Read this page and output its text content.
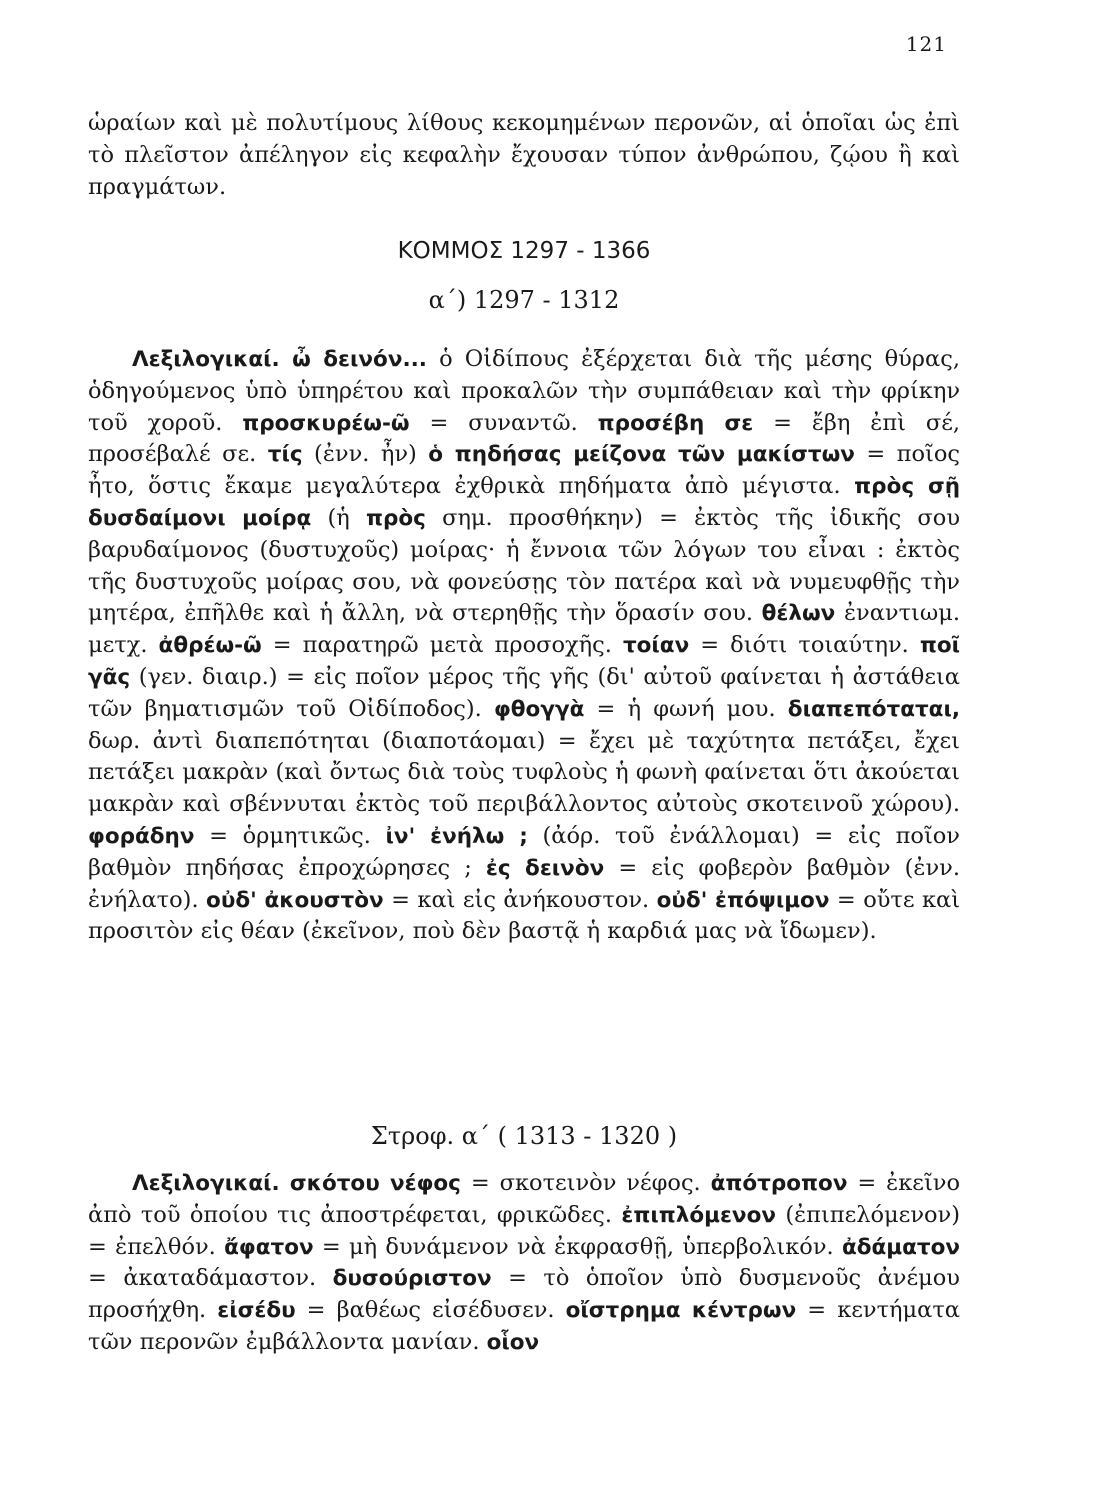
121
ὡραίων καὶ μὲ πολυτίμους λίθους κεκομημένων περονῶν, αἱ ὁποῖαι ὡς ἐπὶ τὸ πλεῖστον ἀπέληγον εἰς κεφαλὴν ἔχουσαν τύπον ἀνθρώπου, ζῴου ἢ καὶ πραγμάτων.
ΚΟΜΜΟΣ 1297 - 1366
α΄) 1297 - 1312
Λεξιλογικαί. ὦ δεινόν... ὁ Οἰδίπους ἐξέρχεται διὰ τῆς μέσης θύρας, ὁδηγούμενος ὑπὸ ὑπηρέτου καὶ προκαλῶν τὴν συμπάθειαν καὶ τὴν φρίκην τοῦ χοροῦ. προσκυρέω-ῶ = συναντῶ. προσέβη σε = ἔβη ἐπὶ σέ, προσέβαλέ σε. τίς (ἐνν. ἦν) ὁ πηδήσας μείζονα τῶν μακίστων = ποῖος ἦτο, ὅστις ἔκαμε μεγαλύτερα ἐχθρικὰ πηδήματα ἀπὸ μέγιστα. πρὸς σῇ δυσδαίμονι μοίρᾳ (ἡ πρὸς σημ. προσθήκην) = ἐκτὸς τῆς ἰδικῆς σου βαρυδαίμονος (δυστυχοῦς) μοίρας· ἡ ἔννοια τῶν λόγων του εἶναι : ἐκτὸς τῆς δυστυχοῦς μοίρας σου, νὰ φονεύσῃς τὸν πατέρα καὶ νὰ νυμευφθῇς τὴν μητέρα, ἐπῆλθε καὶ ἡ ἄλλη, νὰ στερηθῇς τὴν ὅρασίν σου. θέλων ἐναντιωμ. μετχ. ἀθρέω-ῶ = παρατηρῶ μετὰ προσοχῆς. τοίαν = διότι τοιαύτην. ποῖ γᾶς (γεν. διαιρ.) = εἰς ποῖον μέρος τῆς γῆς (δι' αὐτοῦ φαίνεται ἡ ἀστάθεια τῶν βηματισμῶν τοῦ Οἰδίποδος). φθογγὰ = ἡ φωνή μου. διαπεπόταται, δωρ. ἀντὶ διαπεπότηται (διαποτάομαι) = ἔχει μὲ ταχύτητα πετάξει, ἔχει πετάξει μακρὰν (καὶ ὄντως διὰ τοὺς τυφλοὺς ἡ φωνὴ φαίνεται ὅτι ἀκούεται μακρὰν καὶ σβέννυται ἐκτὸς τοῦ περιβάλλοντος αὐτοὺς σκοτεινοῦ χώρου). φοράδην = ὁρμητικῶς. ἰν' ἐνήλω ; (ἀόρ. τοῦ ἐνάλλομαι) = εἰς ποῖον βαθμὸν πηδήσας ἐπροχώρησες ; ἐς δεινὸν = εἰς φοβερὸν βαθμὸν (ἐνν. ἐνήλατο). οὐδ' ἀκουστὸν = καὶ εἰς ἀνήκουστον. οὐδ' ἐπόψιμον = οὔτε καὶ προσιτὸν εἰς θέαν (ἐκεῖνον, ποὺ δὲν βαστᾷ ἡ καρδιά μας νὰ ἴδωμεν).
Στροφ. α΄ ( 1313 - 1320 )
Λεξιλογικαί. σκότου νέφος = σκοτεινὸν νέφος. ἀπότροπον = ἐκεῖνο ἀπὸ τοῦ ὁποίου τις ἀποστρέφεται, φρικῶδες. ἐπιπλόμενον (ἐπιπελόμενον) = ἐπελθόν. ἄφατον = μὴ δυνάμενον νὰ ἐκφρασθῇ, ὑπερβολικόν. ἀδάματον = ἀκαταδάμαστον. δυσούριστον = τὸ ὁποῖον ὑπὸ δυσμενοῦς ἀνέμου προσήχθη. εἰσέδυ = βαθέως εἰσέδυσεν. οἴστρημα κέντρων = κεντήματα τῶν περονῶν ἐμβάλλοντα μανίαν. οἷον
